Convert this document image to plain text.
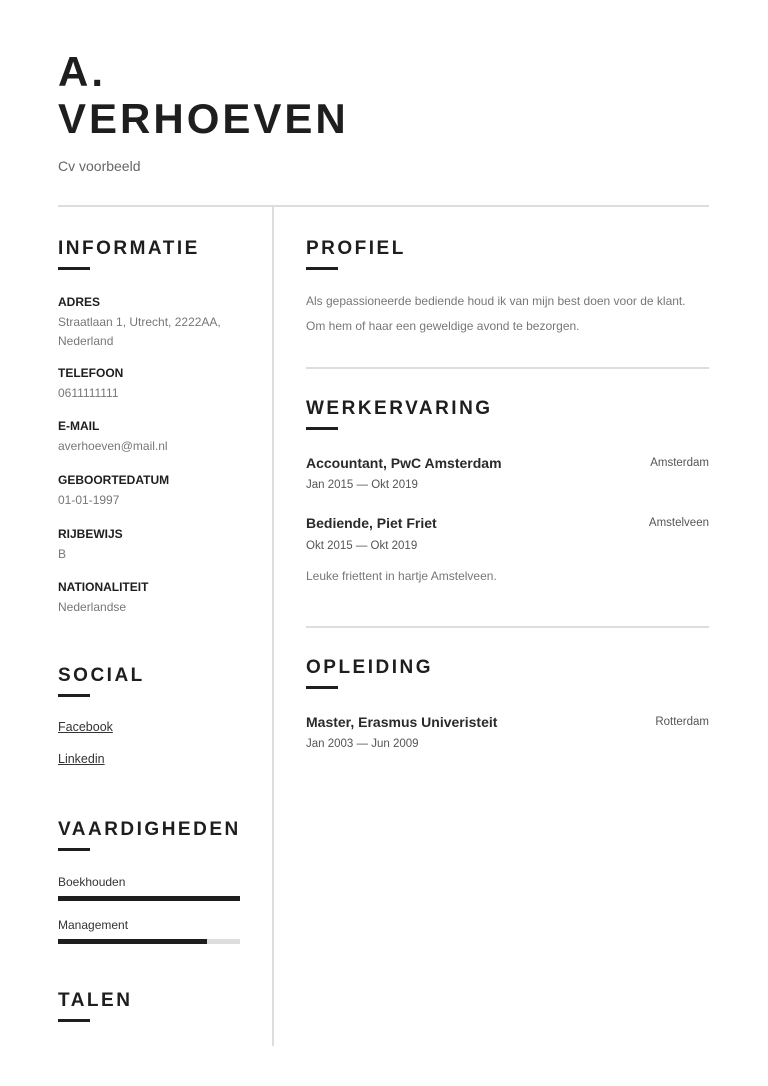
A.
VERHOEVEN
Cv voorbeeld
INFORMATIE
ADRES
Straatlaan 1, Utrecht, 2222AA, Nederland
TELEFOON
0611111111
E-MAIL
averhoeven@mail.nl
GEBOORTEDATUM
01-01-1997
RIJBEWIJS
B
NATIONALITEIT
Nederlandse
SOCIAL
Facebook
Linkedin
VAARDIGHEDEN
Boekhouden
Management
TALEN
PROFIEL
Als gepassioneerde bediende houd ik van mijn best doen voor de klant.
Om hem of haar een geweldige avond te bezorgen.
WERKERVARING
Accountant, PwC Amsterdam	Amsterdam
Jan 2015 — Okt 2019
Bediende, Piet Friet	Amstelveen
Okt 2015 — Okt 2019
Leuke friettent in hartje Amstelveen.
OPLEIDING
Master, Erasmus Univeristeit	Rotterdam
Jan 2003 — Jun 2009
